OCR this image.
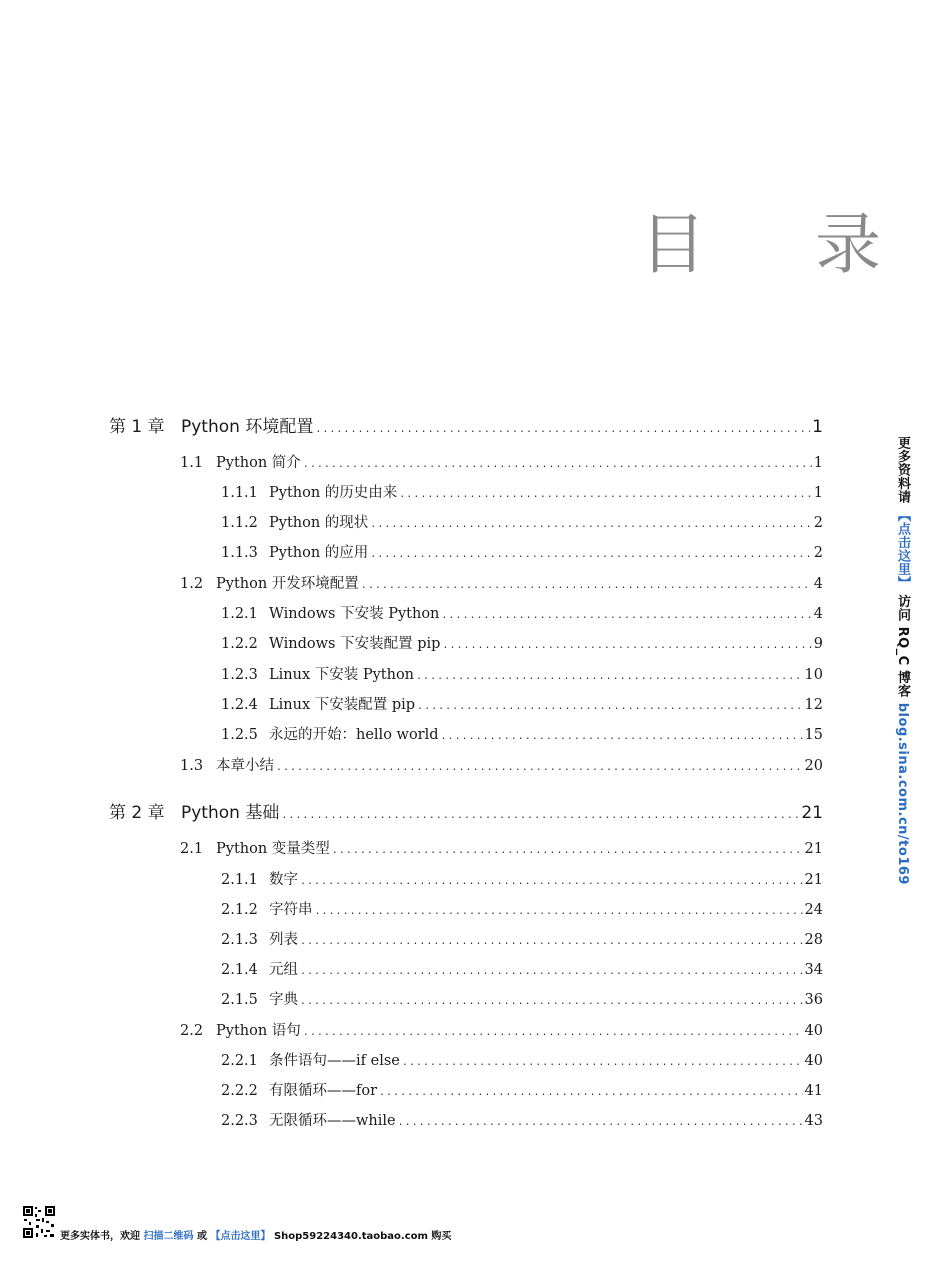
目 录
第 1 章 Python 环境配置 .....	1
1.1 Python 简介 .....	1
1.1.1 Python 的历史由来 .....	1
1.1.2 Python 的现状 .....	2
1.1.3 Python 的应用 .....	2
1.2 Python 开发环境配置 .....	4
1.2.1 Windows 下安装 Python .....	4
1.2.2 Windows 下安装配置 pip .....	9
1.2.3 Linux 下安装 Python .....	10
1.2.4 Linux 下安装配置 pip .....	12
1.2.5 永远的开始：hello world .....	15
1.3 本章小结 .....	20
第 2 章 Python 基础 .....	21
2.1 Python 变量类型 .....	21
2.1.1 数字 .....	21
2.1.2 字符串 .....	24
2.1.3 列表 .....	28
2.1.4 元组 .....	34
2.1.5 字典 .....	36
2.2 Python 语句 .....	40
2.2.1 条件语句——if else .....	40
2.2.2 有限循环——for .....	41
2.2.3 无限循环——while .....	43
更多资料请 【点击这里】 访问 RQ_C 博客 blog.sina.com.cn/to169
更多实体书，欢迎 扫描二维码 或 【点击这里】 Shop59224340.taobao.com 购买
